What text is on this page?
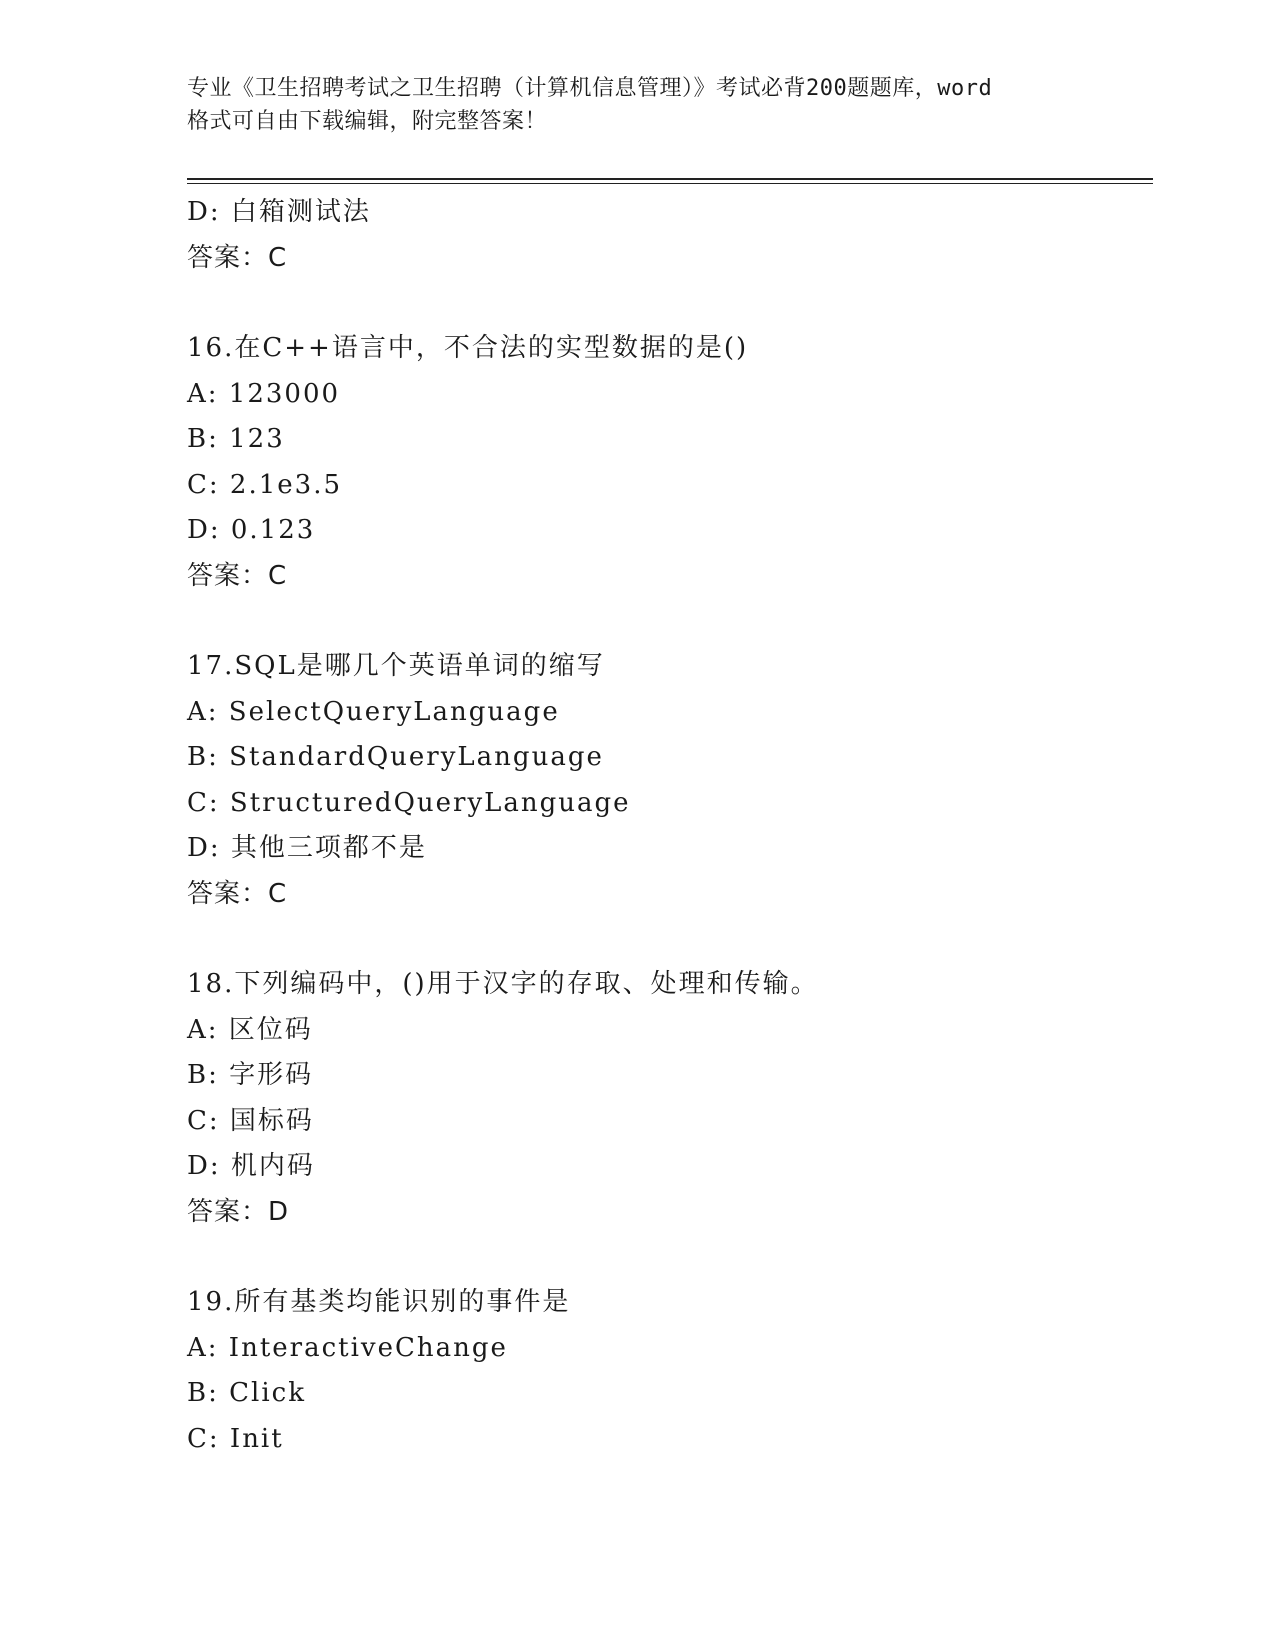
专业《卫生招聘考试之卫生招聘（计算机信息管理）》考试必背200题题库，word
格式可自由下载编辑，附完整答案！
D: 白箱测试法
答案：C
16.在C++语言中，不合法的实型数据的是()
A: 123000
B: 123
C: 2.1e3.5
D: 0.123
答案：C
17.SQL是哪几个英语单词的缩写
A: SelectQueryLanguage
B: StandardQueryLanguage
C: StructuredQueryLanguage
D: 其他三项都不是
答案：C
18.下列编码中，()用于汉字的存取、处理和传输。
A: 区位码
B: 字形码
C: 国标码
D: 机内码
答案：D
19.所有基类均能识别的事件是
A: InteractiveChange
B: Click
C: Init
